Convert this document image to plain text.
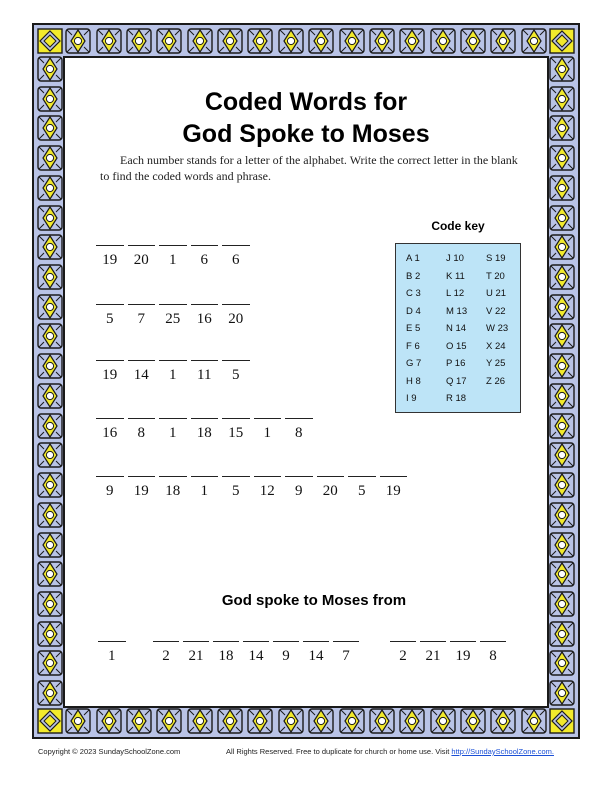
Coded Words for
God Spoke to Moses
Each number stands for a letter of the alphabet. Write the correct letter in the blank to find the coded words and phrase.
Code key
A 1
B 2
C 3
D 4
E 5
F 6
G 7
H 8
I 9
J 10
K 11
L 12
M 13
N 14
O 15
P 16
Q 17
R 18
S 19
T 20
U 21
V 22
W 23
X 24
Y 25
Z 26
19	20	1	6	6
5	7	25	16	20
19	14	1	11	5
16	8	1	18	15	1	8
9	19	18	1	5	12	9	20	5	19
God spoke to Moses from
1	2	21	18	14	9	14	7	2	21	19	8
Copyright © 2023 SundaySchoolZone.com	All Rights Reserved. Free to duplicate for church or home use. Visit http://SundaySchoolZone.com.
